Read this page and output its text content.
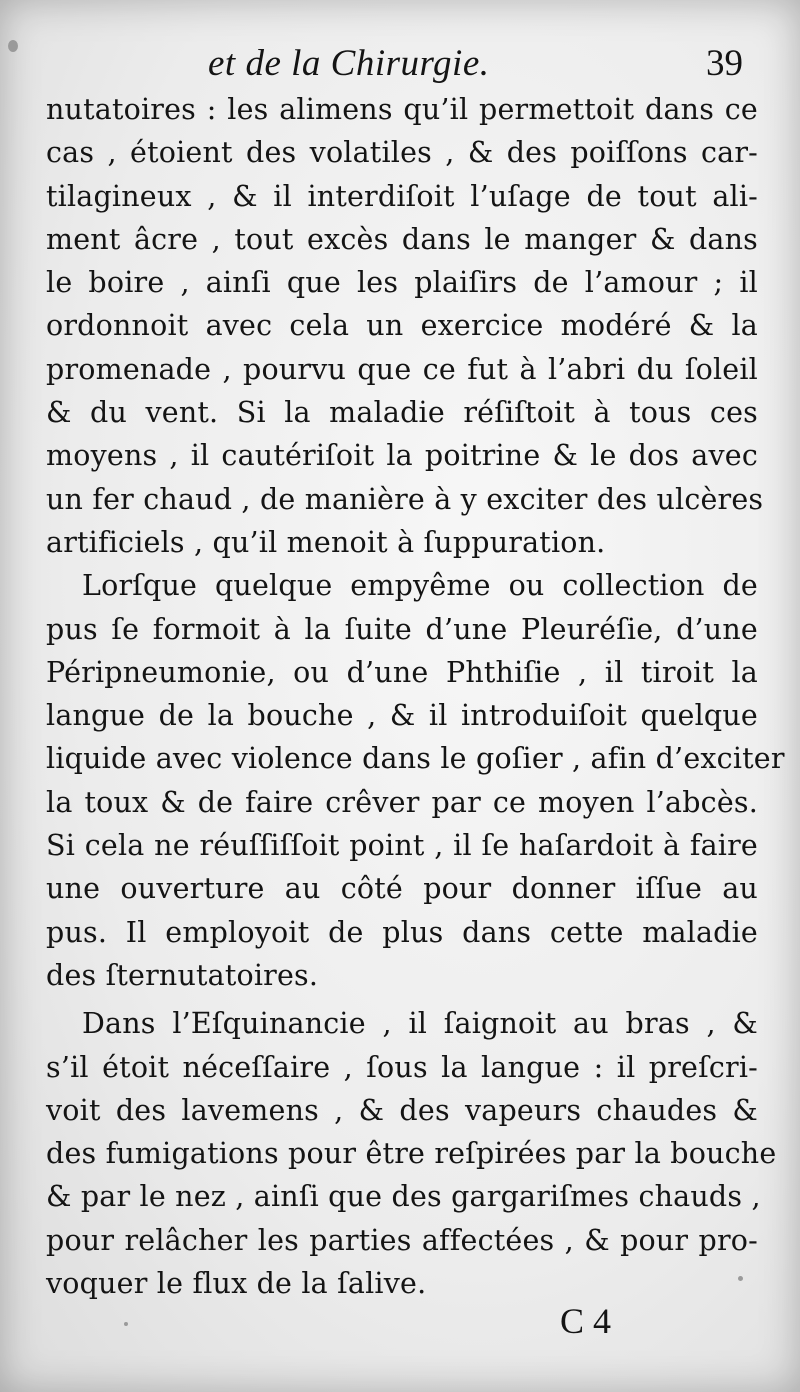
et de la Chirurgie.	39
nutatoires : les alimens qu’il permettoit dans ce
cas , étoient des volatiles , & des poiſſons car-
tilagineux , & il interdiſoit l’uſage de tout ali-
ment âcre , tout excès dans le manger & dans
le boire , ainſi que les plaiſirs de l’amour ; il
ordonnoit avec cela un exercice modéré & la
promenade , pourvu que ce fut à l’abri du ſoleil
& du vent. Si la maladie réſiſtoit à tous ces
moyens , il cautériſoit la poitrine & le dos avec
un fer chaud , de manière à y exciter des ulcères
artificiels , qu’il menoit à ſuppuration.
Lorſque quelque empyême ou collection de
pus ſe formoit à la ſuite d’une Pleuréſie, d’une
Péripneumonie, ou d’une Phthiſie , il tiroit la
langue de la bouche , & il introduiſoit quelque
liquide avec violence dans le goſier , afin d’exciter
la toux & de faire crêver par ce moyen l’abcès.
Si cela ne réuſſiſſoit point , il ſe haſardoit à faire
une ouverture au côté pour donner iſſue au
pus. Il employoit de plus dans cette maladie
des ſternutatoires.
Dans l’Eſquinancie , il ſaignoit au bras , &
s’il étoit néceſſaire , ſous la langue : il preſcri-
voit des lavemens , & des vapeurs chaudes &
des fumigations pour être reſpirées par la bouche
& par le nez , ainſi que des gargariſmes chauds ,
pour relâcher les parties affectées , & pour pro-
voquer le flux de la ſalive.
C 4
